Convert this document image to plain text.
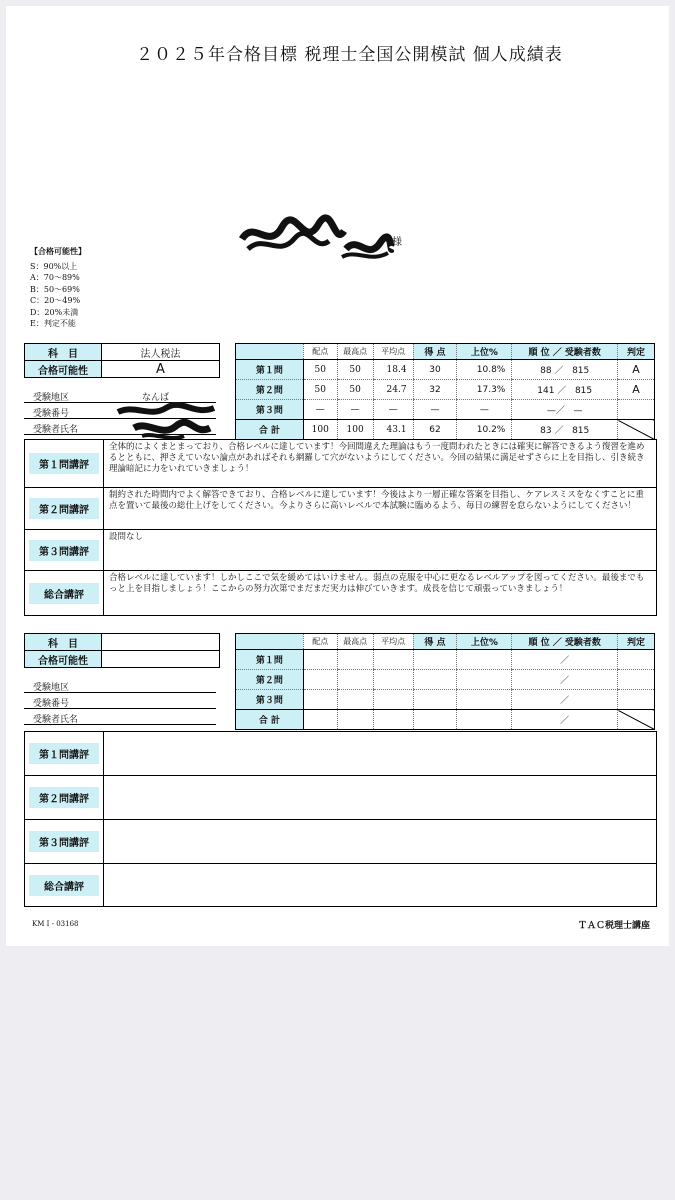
２０２５年合格目標 税理士全国公開模試 個人成績表
様
【合格可能性】
S：90%以上
A：70〜89%
B：50〜69%
C：20〜49%
D：20%未満
E：判定不能
科　目	法人税法
合格可能性	A
受験地区	なんば
受験番号
受験者氏名
	配点	最高点	平均点	得 点	上位%	順 位 ／ 受験者数	判定
第１問	50	50	18.4	30	10.8%	88 ／ 815	A
第２問	50	50	24.7	32	17.3%	141 ／ 815	A
第３問	—	—	—	—	—	—／ —	
合 計	100	100	43.1	62	10.2%	83 ／ 815	
第１問講評
全体的によくまとまっており、合格レベルに達しています！今回間違えた理論はもう一度問われたときには確実に解答できるよう復習を進めるとともに、押さえていない論点があればそれも網羅して穴がないようにしてください。今回の結果に満足せずさらに上を目指し、引き続き理論暗記に力をいれていきましょう！
第２問講評
制約された時間内でよく解答できており、合格レベルに達しています！今後はより一層正確な答案を目指し、ケアレスミスをなくすことに重点を置いて最後の総仕上げをしてください。今よりさらに高いレベルで本試験に臨めるよう、毎日の練習を怠らないようにしてください！
第３問講評
設問なし
総合講評
合格レベルに達しています！しかしここで気を緩めてはいけません。弱点の克服を中心に更なるレベルアップを図ってください。最後までもっと上を目指しましょう！ここからの努力次第でまだまだ実力は伸びていきます。成長を信じて頑張っていきましょう！
科　目	
合格可能性	
受験地区
受験番号
受験者氏名
	配点	最高点	平均点	得 点	上位%	順 位 ／ 受験者数	判定
第１問						／	
第２問						／	
第３問						／	
合 計						／	
第１問講評
第２問講評
第３問講評
総合講評
KM I - 03168	ＴＡＣ税理士講座
